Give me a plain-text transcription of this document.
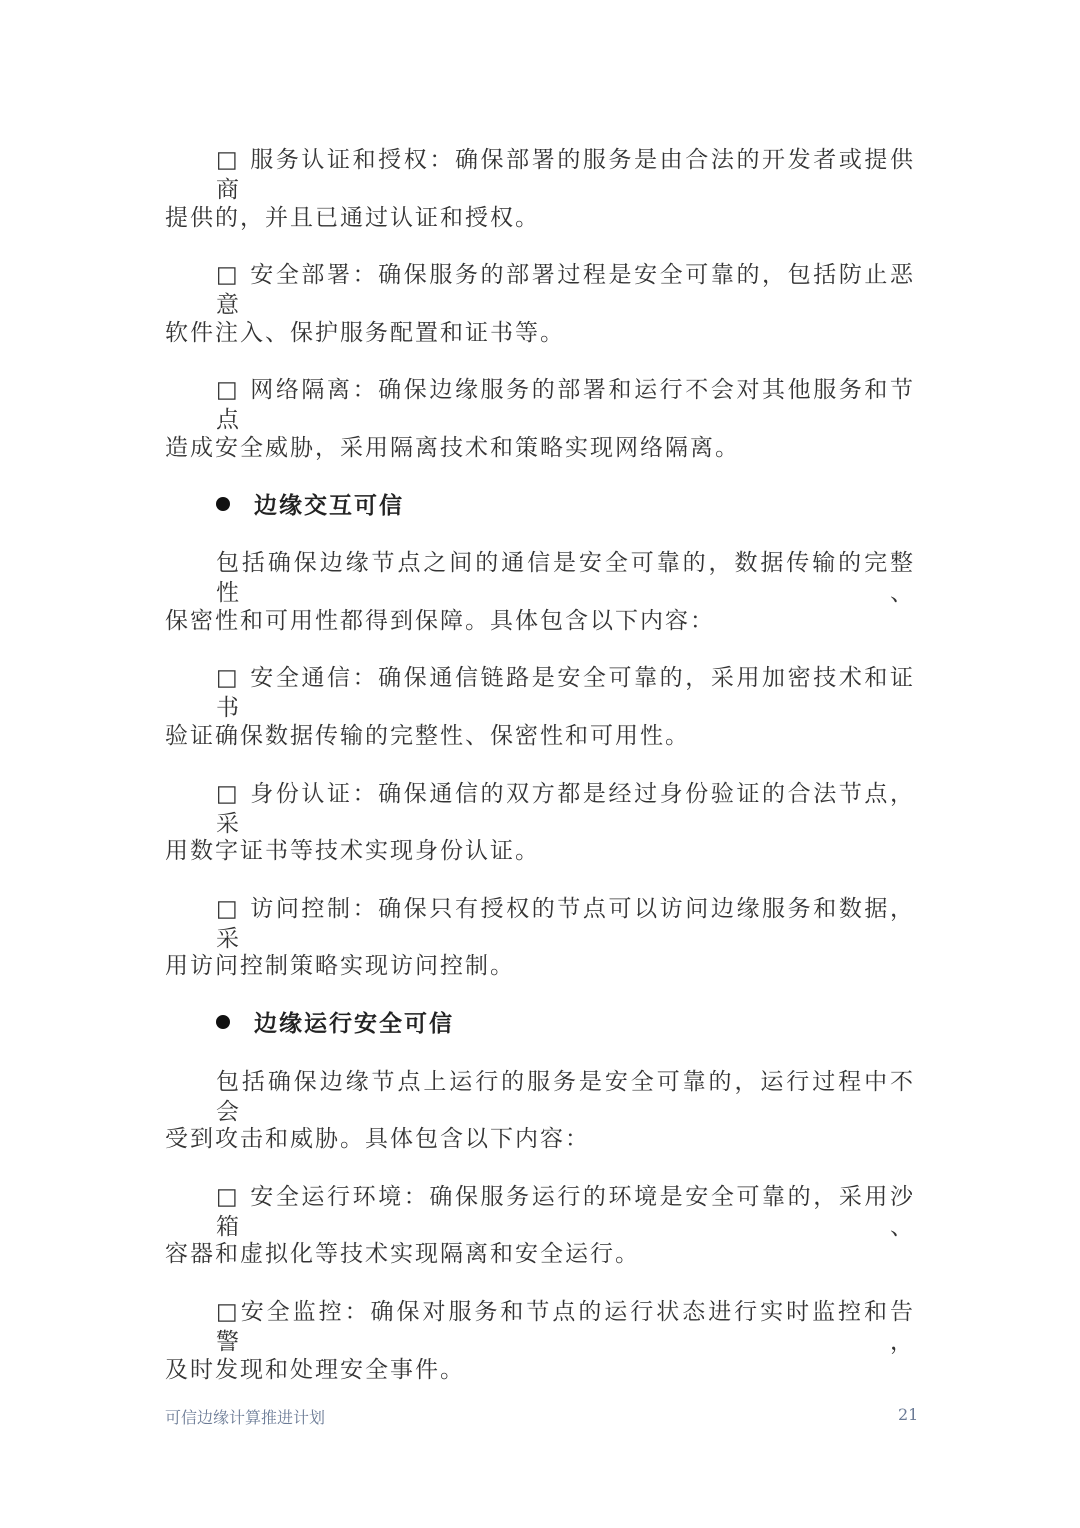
□ 服务认证和授权：确保部署的服务是由合法的开发者或提供商
提供的，并且已通过认证和授权。
□ 安全部署：确保服务的部署过程是安全可靠的，包括防止恶意
软件注入、保护服务配置和证书等。
□ 网络隔离：确保边缘服务的部署和运行不会对其他服务和节点
造成安全威胁，采用隔离技术和策略实现网络隔离。
边缘交互可信
包括确保边缘节点之间的通信是安全可靠的，数据传输的完整性、
保密性和可用性都得到保障。具体包含以下内容：
□ 安全通信：确保通信链路是安全可靠的，采用加密技术和证书
验证确保数据传输的完整性、保密性和可用性。
□ 身份认证：确保通信的双方都是经过身份验证的合法节点，采
用数字证书等技术实现身份认证。
□ 访问控制：确保只有授权的节点可以访问边缘服务和数据，采
用访问控制策略实现访问控制。
边缘运行安全可信
包括确保边缘节点上运行的服务是安全可靠的，运行过程中不会
受到攻击和威胁。具体包含以下内容：
□ 安全运行环境：确保服务运行的环境是安全可靠的，采用沙箱、
容器和虚拟化等技术实现隔离和安全运行。
□安全监控：确保对服务和节点的运行状态进行实时监控和告警，
及时发现和处理安全事件。
可信边缘计算推进计划	21
